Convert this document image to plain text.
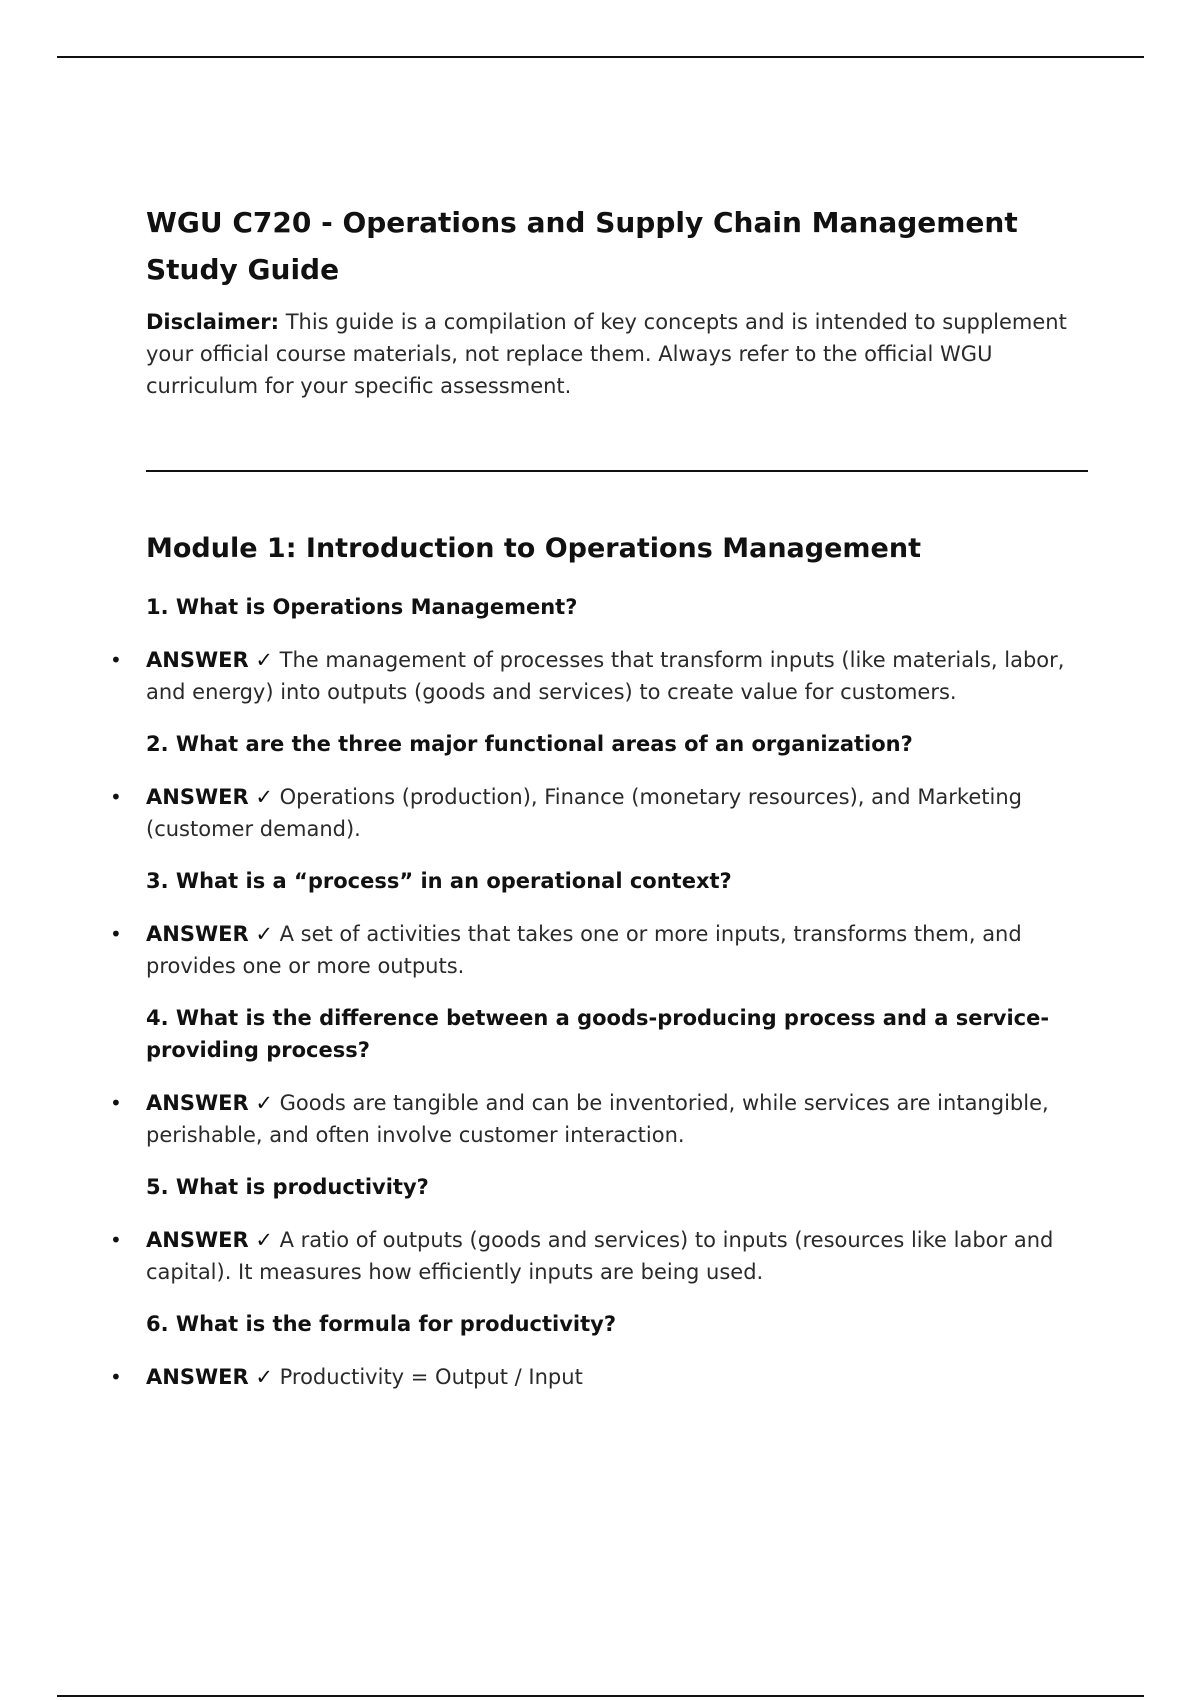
WGU C720 - Operations and Supply Chain Management Study Guide
Disclaimer: This guide is a compilation of key concepts and is intended to supplement your official course materials, not replace them. Always refer to the official WGU curriculum for your specific assessment.
Module 1: Introduction to Operations Management
1. What is Operations Management?
• ANSWER ✓ The management of processes that transform inputs (like materials, labor, and energy) into outputs (goods and services) to create value for customers.
2. What are the three major functional areas of an organization?
• ANSWER ✓ Operations (production), Finance (monetary resources), and Marketing (customer demand).
3. What is a “process” in an operational context?
• ANSWER ✓ A set of activities that takes one or more inputs, transforms them, and provides one or more outputs.
4. What is the difference between a goods-producing process and a service-providing process?
• ANSWER ✓ Goods are tangible and can be inventoried, while services are intangible, perishable, and often involve customer interaction.
5. What is productivity?
• ANSWER ✓ A ratio of outputs (goods and services) to inputs (resources like labor and capital). It measures how efficiently inputs are being used.
6. What is the formula for productivity?
• ANSWER ✓ Productivity = Output / Input
